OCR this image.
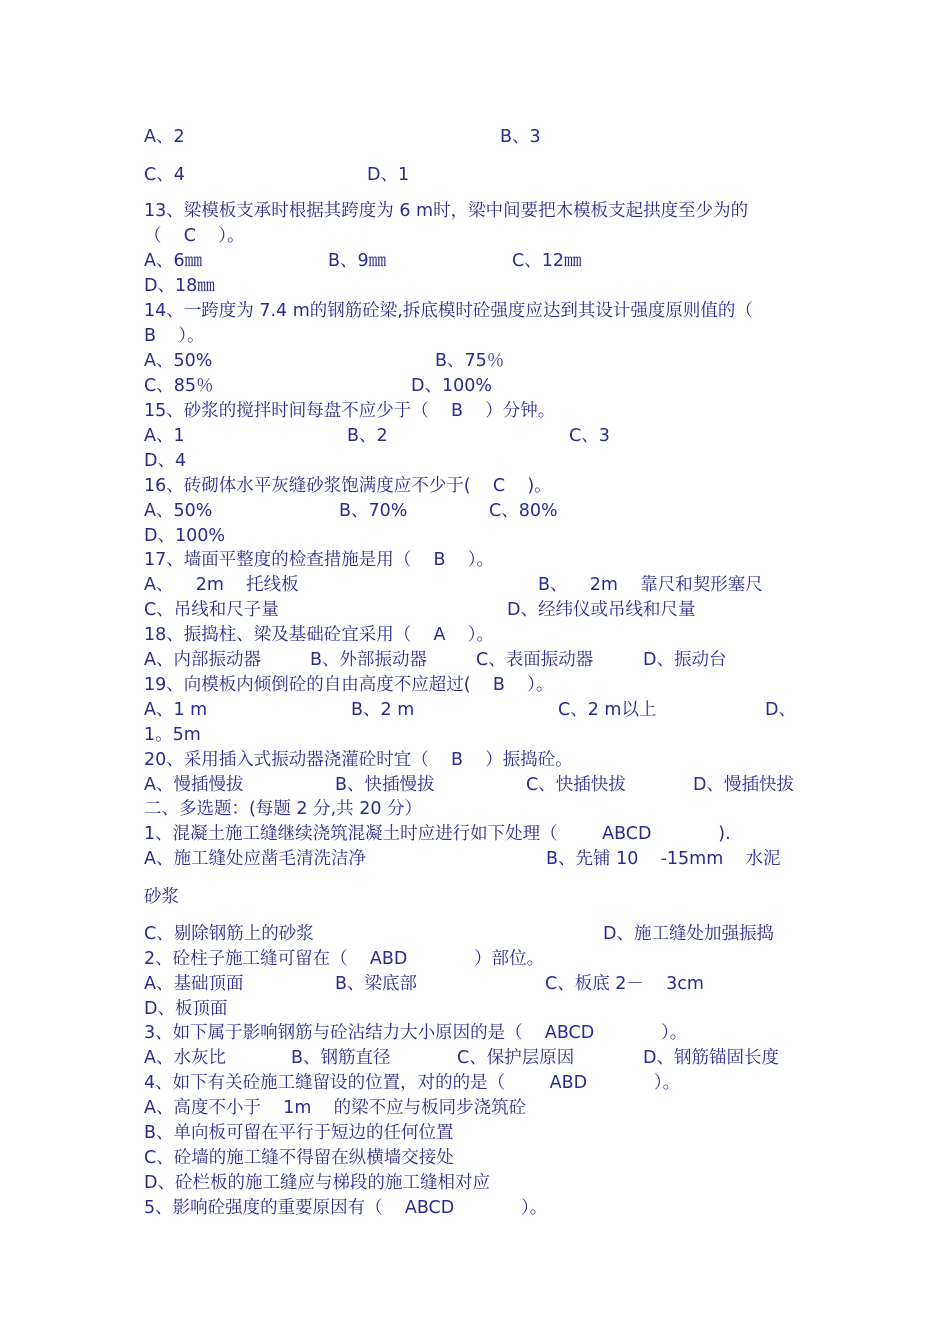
A、2	B、3
C、4	D、1
13、梁模板支承时根据其跨度为 6 m时，梁中间要把木模板支起拱度至少为的
（    C    ）。
A、6㎜	B、9㎜	C、12㎜
D、18㎜
14、一跨度为 7.4 m的钢筋砼梁,拆底模时砼强度应达到其设计强度原则值的（
B    ）。
A、50%	B、75％
C、85％	D、100%
15、砂浆的搅拌时间每盘不应少于（    B    ）分钟。
A、1	B、2	C、3
D、4
16、砖砌体水平灰缝砂浆饱满度应不少于(    C    )。
A、50%	B、70%	C、80%
D、100%
17、墙面平整度的检查措施是用（    B    ）。
A、    2m    托线板	B、    2m    靠尺和契形塞尺
C、吊线和尺子量	D、经纬仪或吊线和尺量
18、振捣柱、梁及基础砼宜采用（    A    ）。
A、内部振动器	B、外部振动器	C、表面振动器	D、振动台
19、向模板内倾倒砼的自由高度不应超过(    B    ）。
A、1 m	B、2 m	C、2 m以上	D、
1。5m
20、采用插入式振动器浇灌砼时宜（    B    ）振捣砼。
A、慢插慢拔	B、快插慢拔	C、快插快拔	D、慢插快拔
二、多选题：(每题 2 分,共 20 分）
1、混凝土施工缝继续浇筑混凝土时应进行如下处理（        ABCD            ).
A、施工缝处应凿毛清洗洁净	B、先铺 10    -15mm    水泥
砂浆
C、剔除钢筋上的砂浆	D、施工缝处加强振捣
2、砼柱子施工缝可留在（    ABD            ）部位。
A、基础顶面	B、梁底部	C、板底 2－    3cm
D、板顶面
3、如下属于影响钢筋与砼沾结力大小原因的是（    ABCD            ）。
A、水灰比	B、钢筋直径	C、保护层原因	D、钢筋锚固长度
4、如下有关砼施工缝留设的位置，对的的是（        ABD            ）。
A、高度不小于    1m    的梁不应与板同步浇筑砼
B、单向板可留在平行于短边的任何位置
C、砼墙的施工缝不得留在纵横墙交接处
D、砼栏板的施工缝应与梯段的施工缝相对应
5、影响砼强度的重要原因有（    ABCD            ）。
